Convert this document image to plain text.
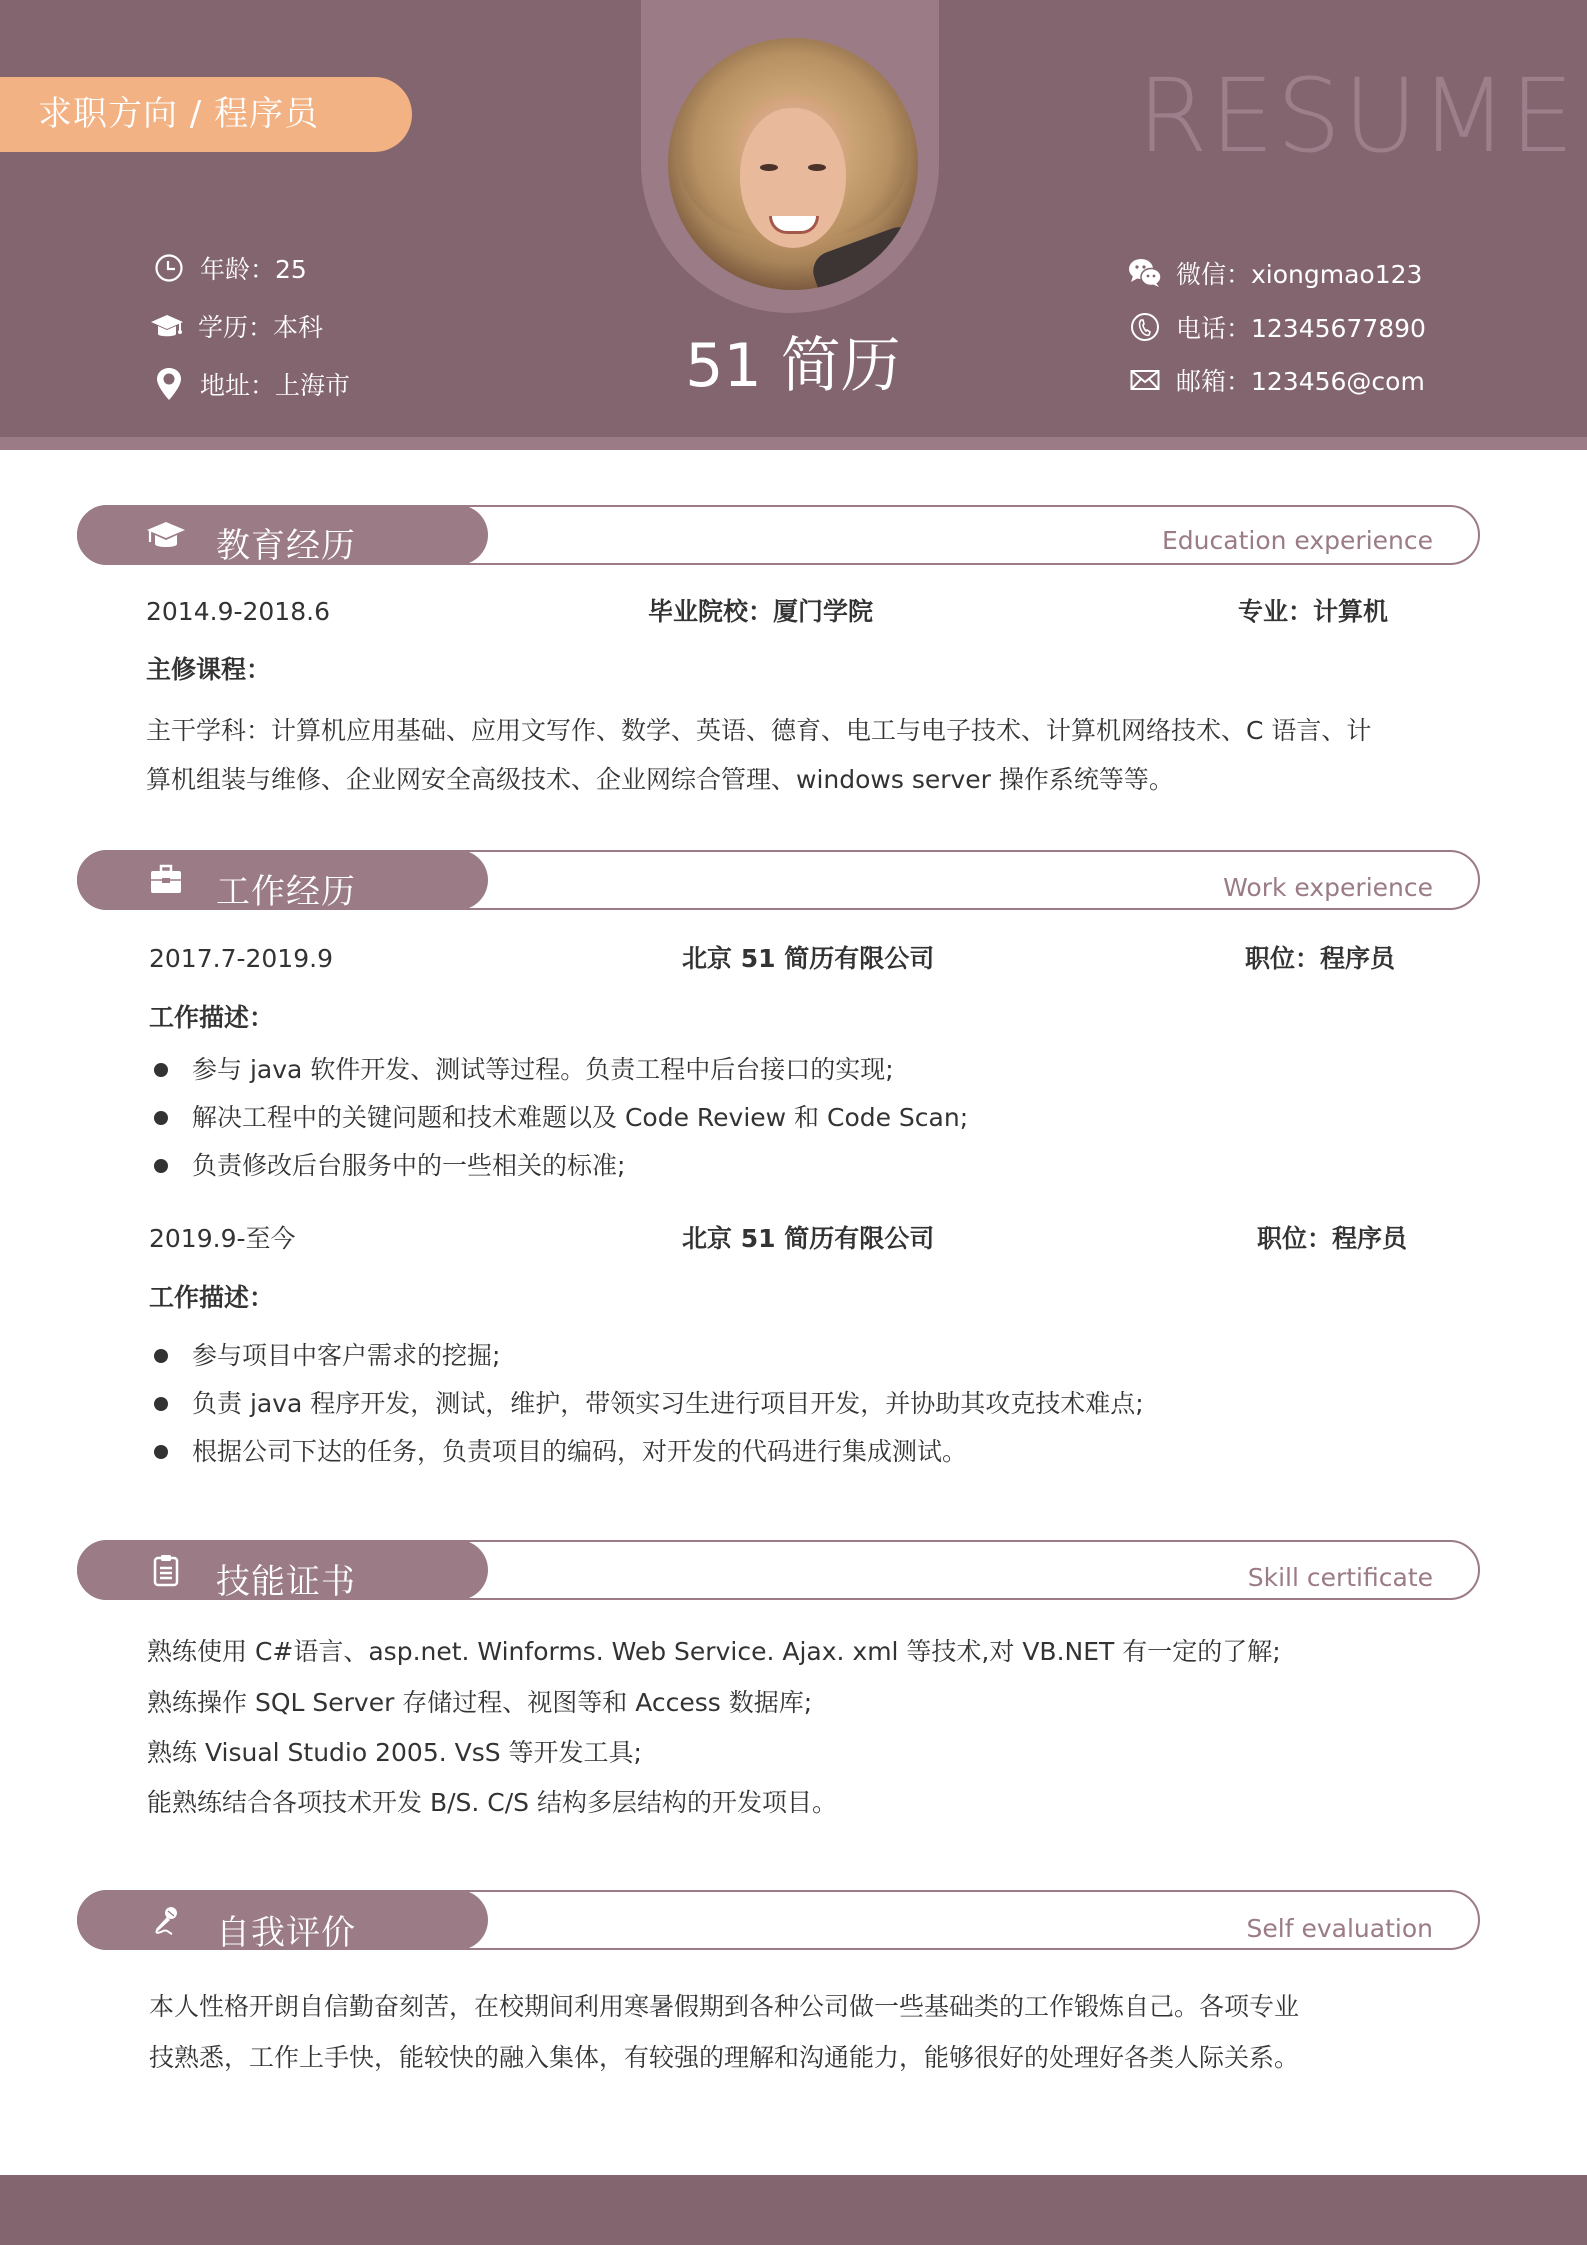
求职方向 / 程序员	RESUME
51 简历
年龄：25
学历：本科
地址：上海市
微信：xiongmao123
电话：12345677890
邮箱：123456@com
教育经历	Education experience
2014.9-2018.6	毕业院校：厦门学院	专业：计算机
主修课程：
主干学科：计算机应用基础、应用文写作、数学、英语、德育、电工与电子技术、计算机网络技术、C 语言、计
算机组装与维修、企业网安全高级技术、企业网综合管理、windows server 操作系统等等。
工作经历	Work experience
2017.7-2019.9	北京 51 简历有限公司	职位：程序员
工作描述：
参与 java 软件开发、测试等过程。负责工程中后台接口的实现;
解决工程中的关键问题和技术难题以及 Code Review 和 Code Scan;
负责修改后台服务中的一些相关的标准;
2019.9-至今	北京 51 简历有限公司	职位：程序员
工作描述：
参与项目中客户需求的挖掘;
负责 java 程序开发，测试，维护，带领实习生进行项目开发，并协助其攻克技术难点;
根据公司下达的任务，负责项目的编码，对开发的代码进行集成测试。
技能证书	Skill certificate
熟练使用 C#语言、asp.net. Winforms. Web Service. Ajax. xml 等技术,对 VB.NET 有一定的了解;
熟练操作 SQL Server 存储过程、视图等和 Access 数据库;
熟练 Visual Studio 2005. VsS 等开发工具;
能熟练结合各项技术开发 B/S. C/S 结构多层结构的开发项目。
自我评价	Self evaluation
本人性格开朗自信勤奋刻苦，在校期间利用寒暑假期到各种公司做一些基础类的工作锻炼自己。各项专业
技熟悉，工作上手快，能较快的融入集体，有较强的理解和沟通能力，能够很好的处理好各类人际关系。
